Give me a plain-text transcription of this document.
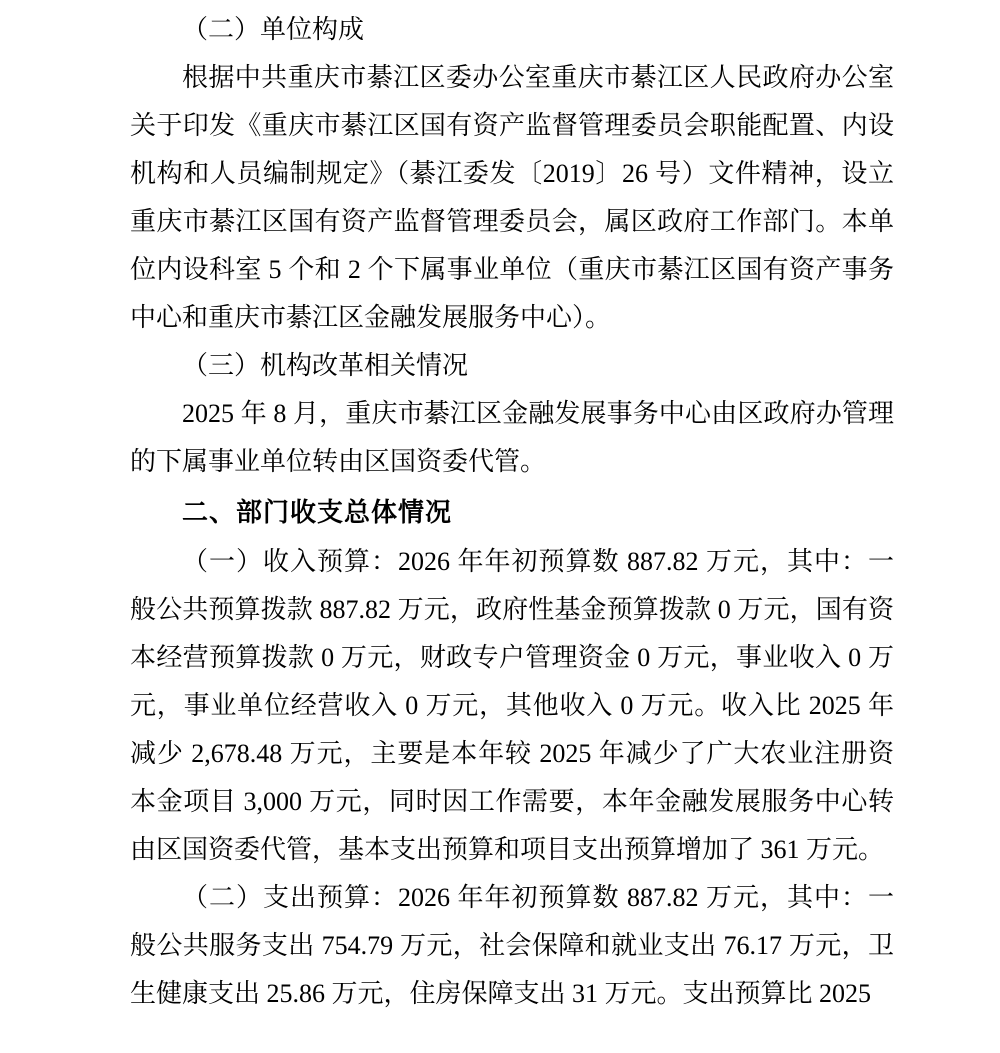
（二）单位构成

根据中共重庆市綦江区委办公室重庆市綦江区人民政府办公室关于印发《重庆市綦江区国有资产监督管理委员会职能配置、内设机构和人员编制规定》（綦江委发〔2019〕26 号）文件精神，设立重庆市綦江区国有资产监督管理委员会，属区政府工作部门。本单位内设科室 5 个和 2 个下属事业单位（重庆市綦江区国有资产事务中心和重庆市綦江区金融发展服务中心）。

（三）机构改革相关情况

2025 年 8 月，重庆市綦江区金融发展事务中心由区政府办管理的下属事业单位转由区国资委代管。

二、部门收支总体情况

（一）收入预算：2026 年年初预算数 887.82 万元，其中：一般公共预算拨款 887.82 万元，政府性基金预算拨款 0 万元，国有资本经营预算拨款 0 万元，财政专户管理资金 0 万元，事业收入 0 万元，事业单位经营收入 0 万元，其他收入 0 万元。收入比 2025 年减少 2,678.48 万元，主要是本年较 2025 年减少了广大农业注册资本金项目 3,000 万元，同时因工作需要，本年金融发展服务中心转由区国资委代管，基本支出预算和项目支出预算增加了 361 万元。

（二）支出预算：2026 年年初预算数 887.82 万元，其中：一般公共服务支出 754.79 万元，社会保障和就业支出 76.17 万元，卫生健康支出 25.86 万元，住房保障支出 31 万元。支出预算比 2025
